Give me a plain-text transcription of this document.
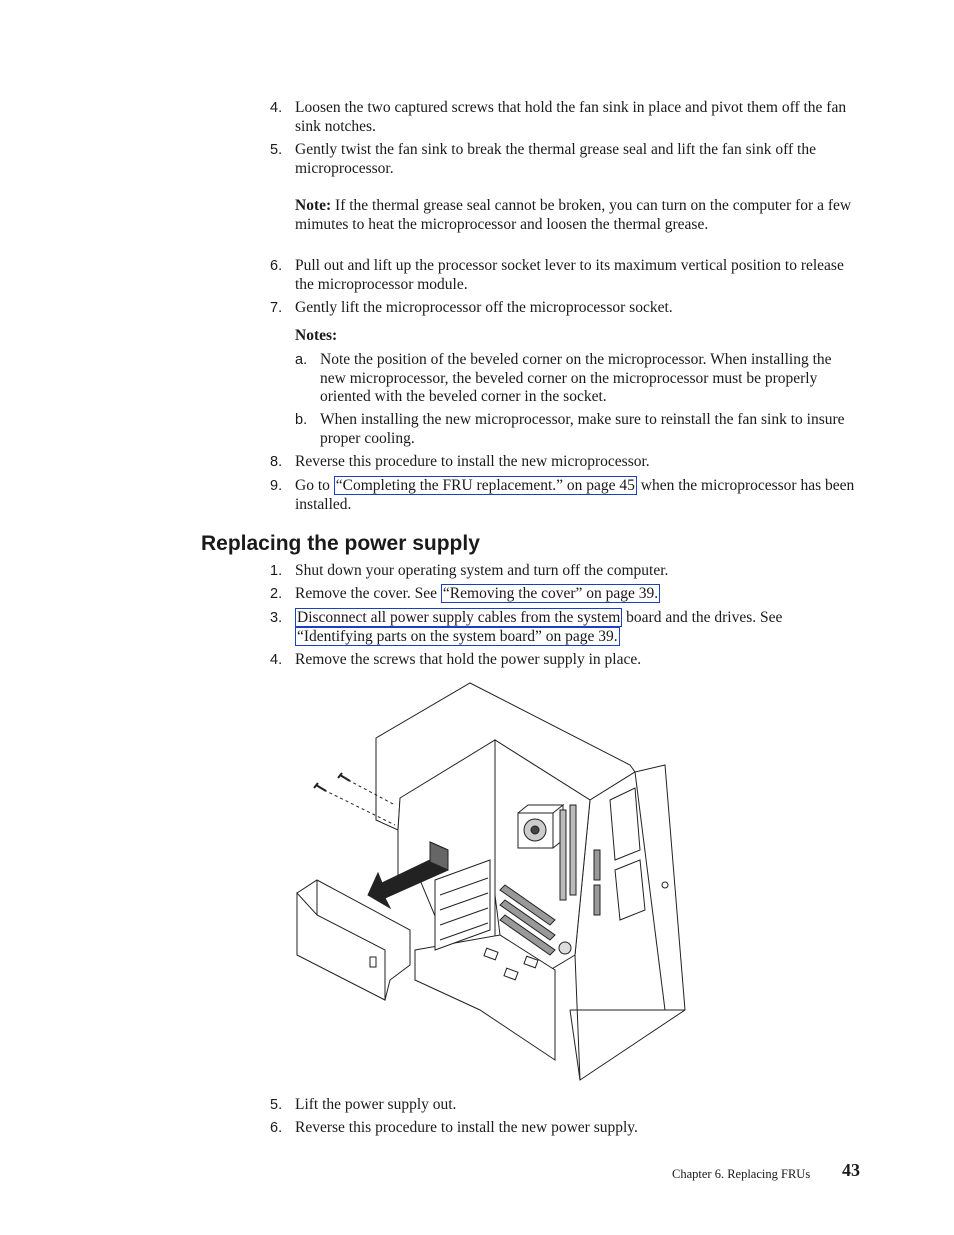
4. Loosen the two captured screws that hold the fan sink in place and pivot them off the fan sink notches.
5. Gently twist the fan sink to break the thermal grease seal and lift the fan sink off the microprocessor.
Note: If the thermal grease seal cannot be broken, you can turn on the computer for a few mimutes to heat the microprocessor and loosen the thermal grease.
6. Pull out and lift up the processor socket lever to its maximum vertical position to release the microprocessor module.
7. Gently lift the microprocessor off the microprocessor socket.
Notes:
a. Note the position of the beveled corner on the microprocessor. When installing the new microprocessor, the beveled corner on the microprocessor must be properly oriented with the beveled corner in the socket.
b. When installing the new microprocessor, make sure to reinstall the fan sink to insure proper cooling.
8. Reverse this procedure to install the new microprocessor.
9. Go to “Completing the FRU replacement.” on page 45 when the microprocessor has been installed.
Replacing the power supply
1. Shut down your operating system and turn off the computer.
2. Remove the cover. See “Removing the cover” on page 39.
3. Disconnect all power supply cables from the system board and the drives. See “Identifying parts on the system board” on page 39.
4. Remove the screws that hold the power supply in place.
5. Lift the power supply out.
6. Reverse this procedure to install the new power supply.
Chapter 6. Replacing FRUs 43
